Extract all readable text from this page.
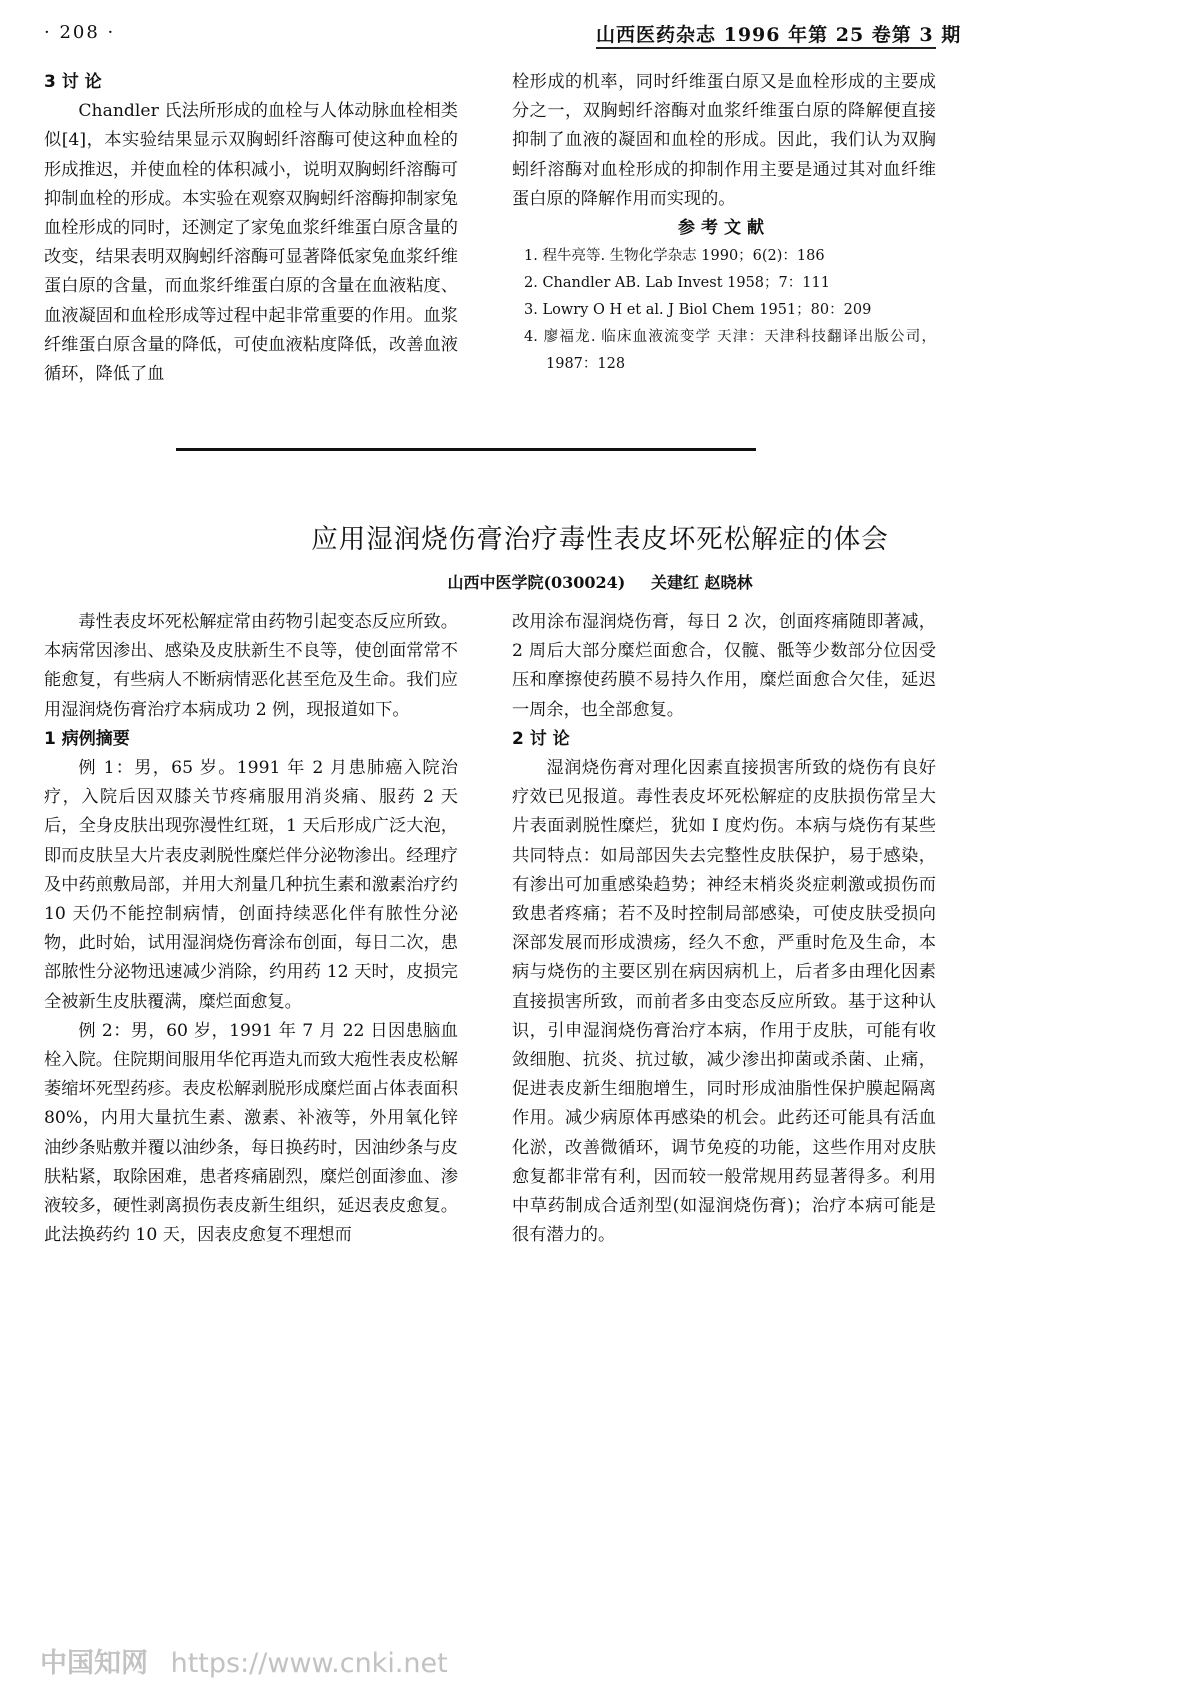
· 208 ·	山西医药杂志 1996 年第 25 卷第 3 期

3 讨 论

Chandler 氏法所形成的血栓与人体动脉血栓相类似[4]，本实验结果显示双胸蚓纤溶酶可使这种血栓的形成推迟，并使血栓的体积减小，说明双胸蚓纤溶酶可抑制血栓的形成。本实验在观察双胸蚓纤溶酶抑制家兔血栓形成的同时，还测定了家兔血浆纤维蛋白原含量的改变，结果表明双胸蚓纤溶酶可显著降低家兔血浆纤维蛋白原的含量，而血浆纤维蛋白原的含量在血液粘度、血液凝固和血栓形成等过程中起非常重要的作用。血浆纤维蛋白原含量的降低，可使血液粘度降低，改善血液循环，降低了血

栓形成的机率，同时纤维蛋白原又是血栓形成的主要成分之一，双胸蚓纤溶酶对血浆纤维蛋白原的降解便直接抑制了血液的凝固和血栓的形成。因此，我们认为双胸蚓纤溶酶对血栓形成的抑制作用主要是通过其对血纤维蛋白原的降解作用而实现的。

参考文献

1. 程牛亮等. 生物化学杂志 1990；6(2)：186
2. Chandler AB. Lab Invest 1958；7：111
3. Lowry O H et al. J Biol Chem 1951；80：209
4. 廖福龙. 临床血液流变学 天津：天津科技翻译出版公司，1987：128
应用湿润烧伤膏治疗毒性表皮坏死松解症的体会
山西中医学院(030024) 关建红 赵晓林

毒性表皮坏死松解症常由药物引起变态反应所致。本病常因渗出、感染及皮肤新生不良等，使创面常常不能愈复，有些病人不断病情恶化甚至危及生命。我们应用湿润烧伤膏治疗本病成功 2 例，现报道如下。

1 病例摘要

例 1：男，65 岁。1991 年 2 月患肺癌入院治疗，入院后因双膝关节疼痛服用消炎痛、服药 2 天后，全身皮肤出现弥漫性红斑，1 天后形成广泛大泡，即而皮肤呈大片表皮剥脱性糜烂伴分泌物渗出。经理疗及中药煎敷局部，并用大剂量几种抗生素和激素治疗约 10 天仍不能控制病情，创面持续恶化伴有脓性分泌物，此时始，试用湿润烧伤膏涂布创面，每日二次，患部脓性分泌物迅速减少消除，约用药 12 天时，皮损完全被新生皮肤覆满，糜烂面愈复。

例 2：男，60 岁，1991 年 7 月 22 日因患脑血栓入院。住院期间服用华佗再造丸而致大疱性表皮松解萎缩坏死型药疹。表皮松解剥脱形成糜烂面占体表面积 80%，内用大量抗生素、激素、补液等，外用氧化锌油纱条贴敷并覆以油纱条，每日换药时，因油纱条与皮肤粘紧，取除困难，患者疼痛剧烈，糜烂创面渗血、渗液较多，硬性剥离损伤表皮新生组织，延迟表皮愈复。此法换药约 10 天，因表皮愈复不理想而

改用涂布湿润烧伤膏，每日 2 次，创面疼痛随即著减，2 周后大部分糜烂面愈合，仅髋、骶等少数部分位因受压和摩擦使药膜不易持久作用，糜烂面愈合欠佳，延迟一周余，也全部愈复。

2 讨 论

湿润烧伤膏对理化因素直接损害所致的烧伤有良好疗效已见报道。毒性表皮坏死松解症的皮肤损伤常呈大片表面剥脱性糜烂，犹如 I 度灼伤。本病与烧伤有某些共同特点：如局部因失去完整性皮肤保护，易于感染，有渗出可加重感染趋势；神经末梢炎炎症刺激或损伤而致患者疼痛；若不及时控制局部感染，可使皮肤受损向深部发展而形成溃疡，经久不愈，严重时危及生命，本病与烧伤的主要区别在病因病机上，后者多由理化因素直接损害所致，而前者多由变态反应所致。基于这种认识，引申湿润烧伤膏治疗本病，作用于皮肤，可能有收敛细胞、抗炎、抗过敏，减少渗出抑菌或杀菌、止痛，促进表皮新生细胞增生，同时形成油脂性保护膜起隔离作用。减少病原体再感染的机会。此药还可能具有活血化淤，改善微循环，调节免疫的功能，这些作用对皮肤愈复都非常有利，因而较一般常规用药显著得多。利用中草药制成合适剂型(如湿润烧伤膏)；治疗本病可能是很有潜力的。

中国知网 https://www.cnki.net
